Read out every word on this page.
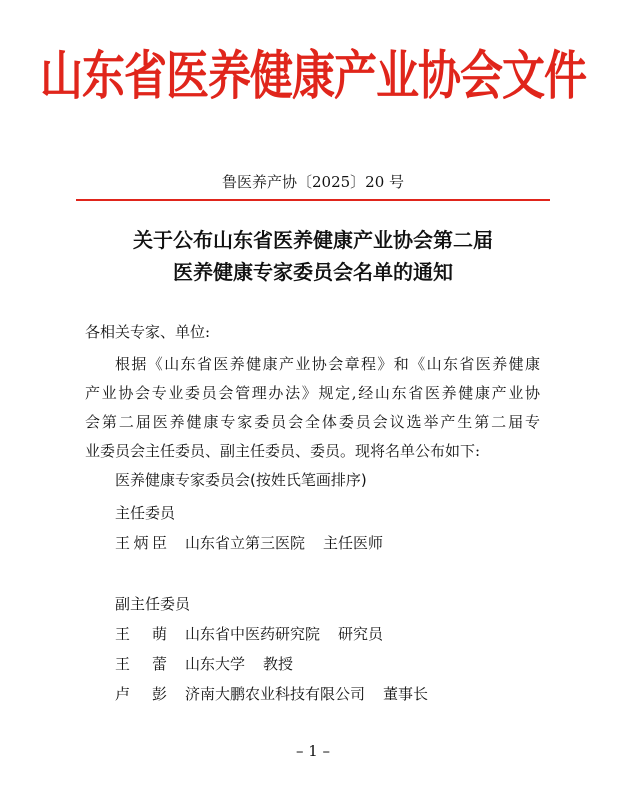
山东省医养健康产业协会文件
鲁医养产协〔2025〕20 号
关于公布山东省医养健康产业协会第二届
医养健康专家委员会名单的通知
各相关专家、单位:
根据《山东省医养健康产业协会章程》和《山东省医养健康
产业协会专业委员会管理办法》规定,经山东省医养健康产业协
会第二届医养健康专家委员会全体委员会议选举产生第二届专
业委员会主任委员、副主任委员、委员。现将名单公布如下:
医养健康专家委员会(按姓氏笔画排序)
主任委员
王炳臣 山东省立第三医院 主任医师
副主任委员
王萌 山东省中医药研究院 研究员
王蕾 山东大学 教授
卢彭 济南大鹏农业科技有限公司 董事长
– 1 –
